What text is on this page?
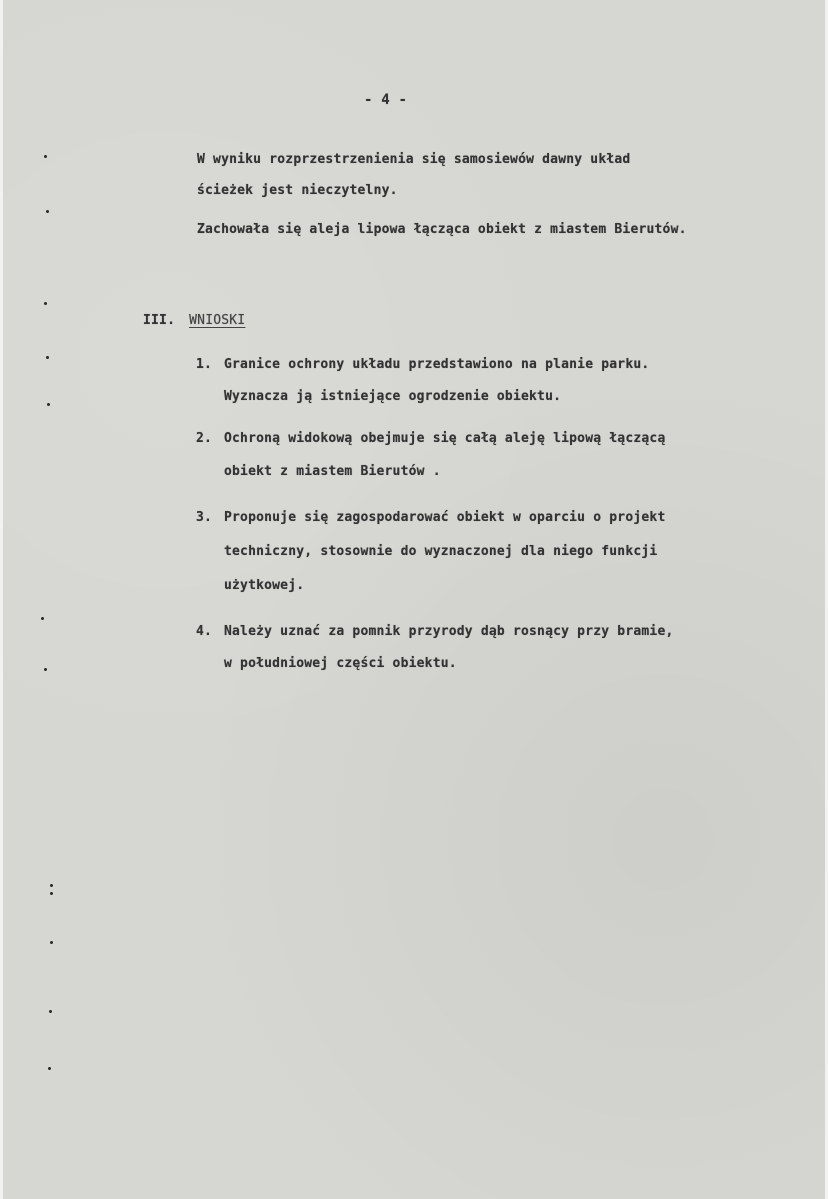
- 4 -
W wyniku rozprzestrzenienia się samosiewów dawny układ
ścieżek jest nieczytelny.
Zachowała się aleja lipowa łącząca obiekt z miastem Bierutów.
III. WNIOSKI
1. Granice ochrony układu przedstawiono na planie parku.
Wyznacza ją istniejące ogrodzenie obiektu.
2. Ochroną widokową obejmuje się całą aleję lipową łączącą
obiekt z miastem Bierutów .
3. Proponuje się zagospodarować obiekt w oparciu o projekt
techniczny, stosownie do wyznaczonej dla niego funkcji
użytkowej.
4. Należy uznać za pomnik przyrody dąb rosnący przy bramie,
w południowej części obiektu.
